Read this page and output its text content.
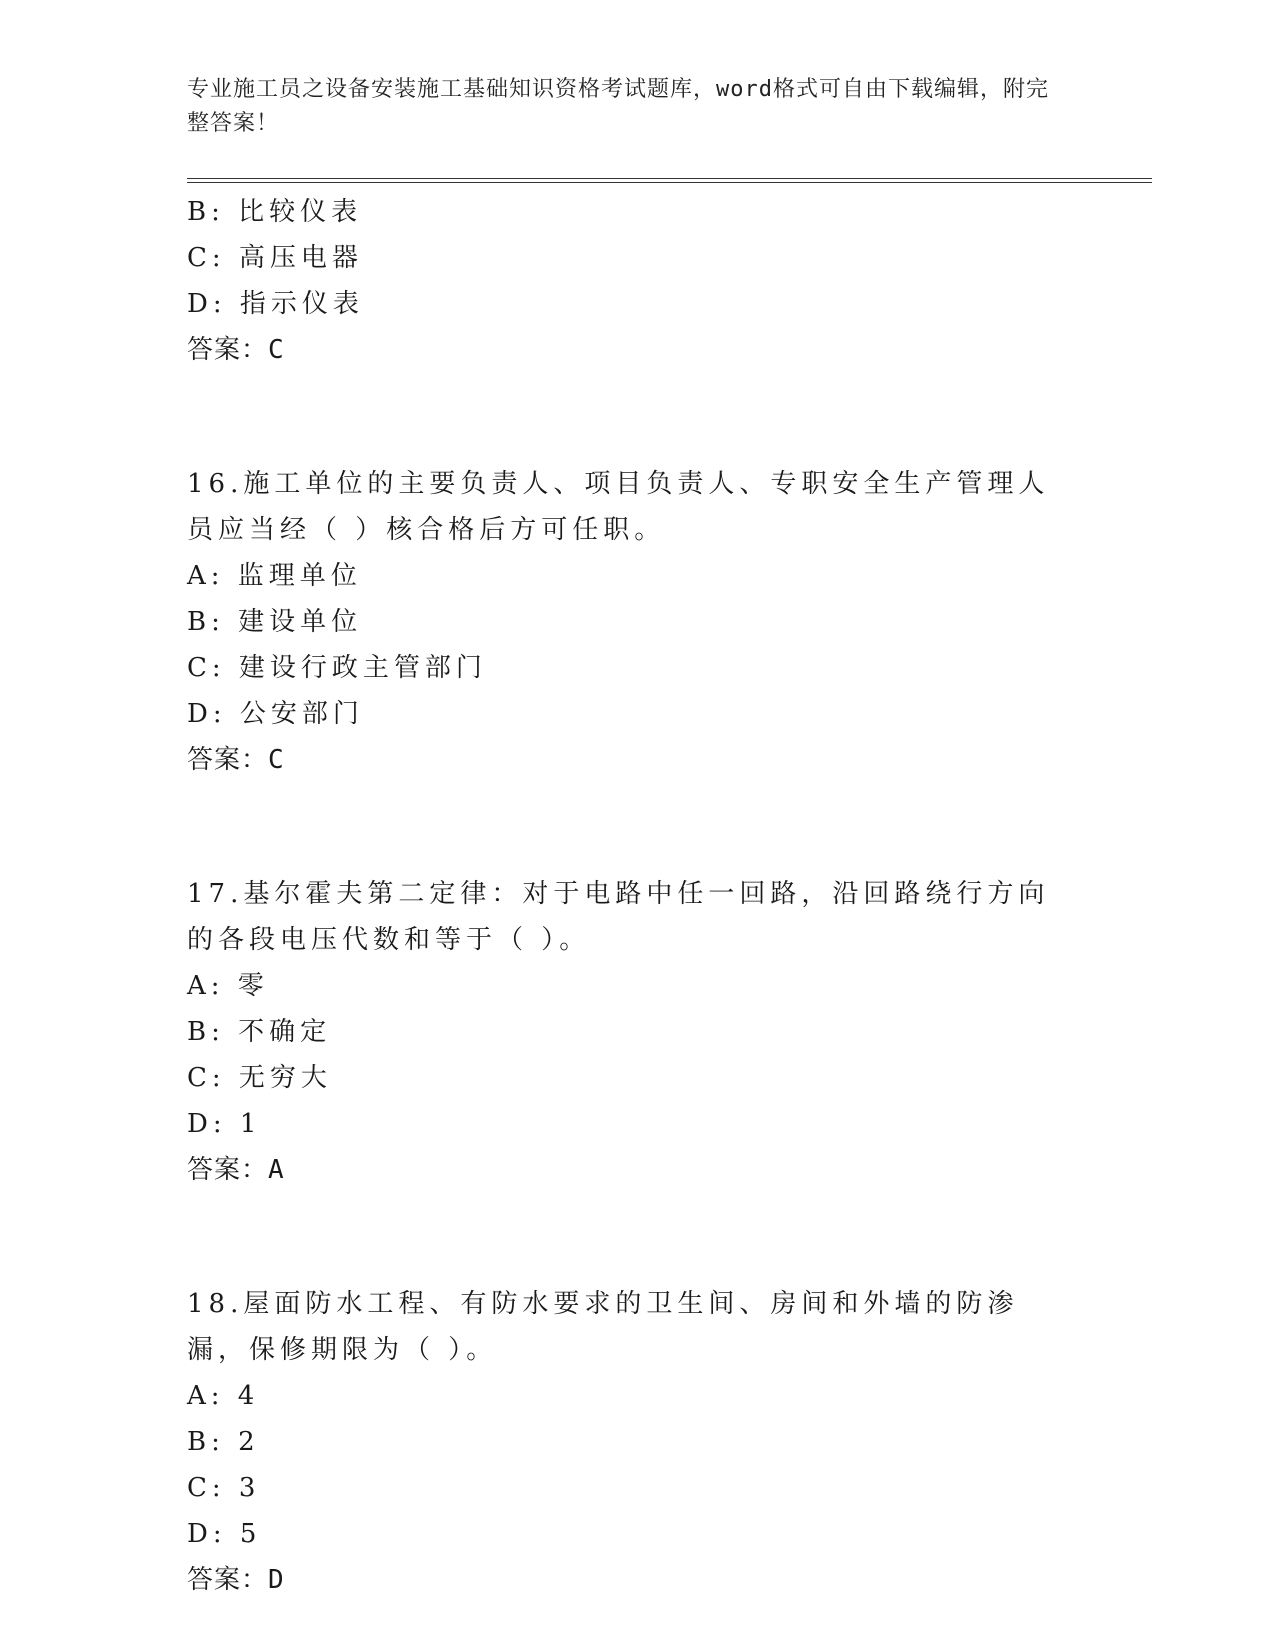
专业施工员之设备安装施工基础知识资格考试题库，word格式可自由下载编辑，附完整答案！
B: 比较仪表
C: 高压电器
D: 指示仪表
答案：C
16.施工单位的主要负责人、项目负责人、专职安全生产管理人员应当经（ ）核合格后方可任职。
A: 监理单位
B: 建设单位
C: 建设行政主管部门
D: 公安部门
答案：C
17.基尔霍夫第二定律：对于电路中任一回路，沿回路绕行方向的各段电压代数和等于（ ）。
A: 零
B: 不确定
C: 无穷大
D: 1
答案：A
18.屋面防水工程、有防水要求的卫生间、房间和外墙的防渗漏，保修期限为（ ）。
A: 4
B: 2
C: 3
D: 5
答案：D
